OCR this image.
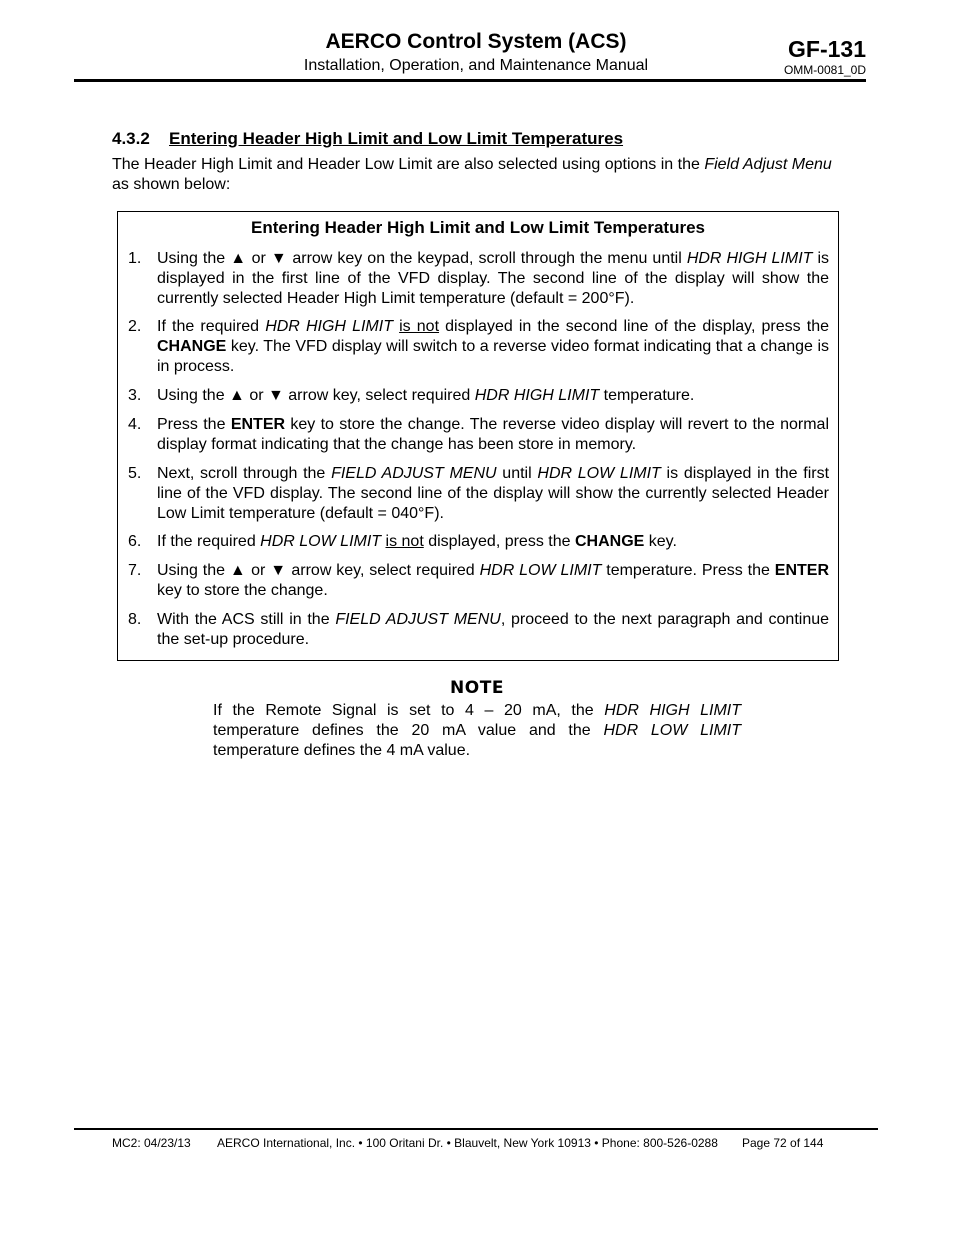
AERCO Control System (ACS)
Installation, Operation, and Maintenance Manual
GF-131
OMM-0081_0D
4.3.2 Entering Header High Limit and Low Limit Temperatures
The Header High Limit and Header Low Limit are also selected using options in the Field Adjust Menu as shown below:
Entering Header High Limit and Low Limit Temperatures
1. Using the ▲ or ▼ arrow key on the keypad, scroll through the menu until HDR HIGH LIMIT is displayed in the first line of the VFD display. The second line of the display will show the currently selected Header High Limit temperature (default = 200°F).
2. If the required HDR HIGH LIMIT is not displayed in the second line of the display, press the CHANGE key. The VFD display will switch to a reverse video format indicating that a change is in process.
3. Using the ▲ or ▼ arrow key, select required HDR HIGH LIMIT temperature.
4. Press the ENTER key to store the change. The reverse video display will revert to the normal display format indicating that the change has been store in memory.
5. Next, scroll through the FIELD ADJUST MENU until HDR LOW LIMIT is displayed in the first line of the VFD display. The second line of the display will show the currently selected Header Low Limit temperature (default = 040°F).
6. If the required HDR LOW LIMIT is not displayed, press the CHANGE key.
7. Using the ▲ or ▼ arrow key, select required HDR LOW LIMIT temperature. Press the ENTER key to store the change.
8. With the ACS still in the FIELD ADJUST MENU, proceed to the next paragraph and continue the set-up procedure.
NOTE
If the Remote Signal is set to 4 – 20 mA, the HDR HIGH LIMIT temperature defines the 20 mA value and the HDR LOW LIMIT temperature defines the 4 mA value.
MC2: 04/23/13 AERCO International, Inc. • 100 Oritani Dr. • Blauvelt, New York 10913 • Phone: 800-526-0288 Page 72 of 144
